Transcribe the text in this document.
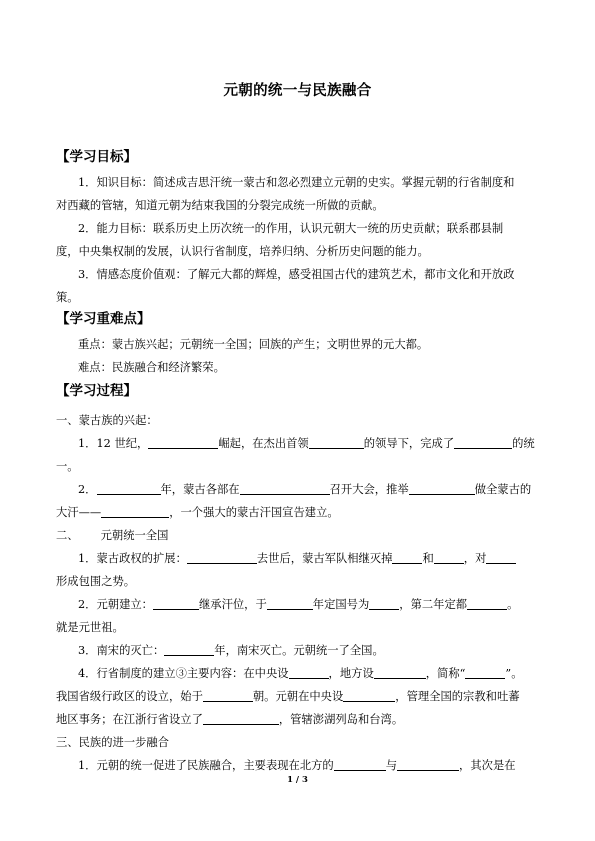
元朝的统一与民族融合
【学习目标】
1．知识目标：简述成吉思汗统一蒙古和忽必烈建立元朝的史实。掌握元朝的行省制度和
对西藏的管辖，知道元朝为结束我国的分裂完成统一所做的贡献。
2．能力目标：联系历史上历次统一的作用，认识元朝大一统的历史贡献；联系郡县制
度，中央集权制的发展，认识行省制度，培养归纳、分析历史问题的能力。
3．情感态度价值观：了解元大都的辉煌，感受祖国古代的建筑艺术，都市文化和开放政
策。
【学习重难点】
重点：蒙古族兴起；元朝统一全国；回族的产生；文明世界的元大都。
难点：民族融合和经济繁荣。
【学习过程】
一、蒙古族的兴起：
1．12 世纪，	崛起，在杰出首领	的领导下，完成了	的统
一。
2．	年，蒙古各部在	召开大会，推举	做全蒙古的
大汗——	，一个强大的蒙古汗国宣告建立。
二、 元朝统一全国
1．蒙古政权的扩展：	去世后，蒙古军队相继灭掉	和	，对
形成包围之势。
2．元朝建立：	继承汗位，于	年定国号为	，第二年定都	。
就是元世祖。
3．南宋的灭亡：	年，南宋灭亡。元朝统一了全国。
4．行省制度的建立③主要内容：在中央设	，地方设	，简称“	”。
我国省级行政区的设立，始于	朝。元朝在中央设	，管理全国的宗教和吐蕃
地区事务；在江浙行省设立了	，管辖澎湖列岛和台湾。
三、民族的进一步融合
1．元朝的统一促进了民族融合，主要表现在北方的	与	，其次是在
1 / 3
